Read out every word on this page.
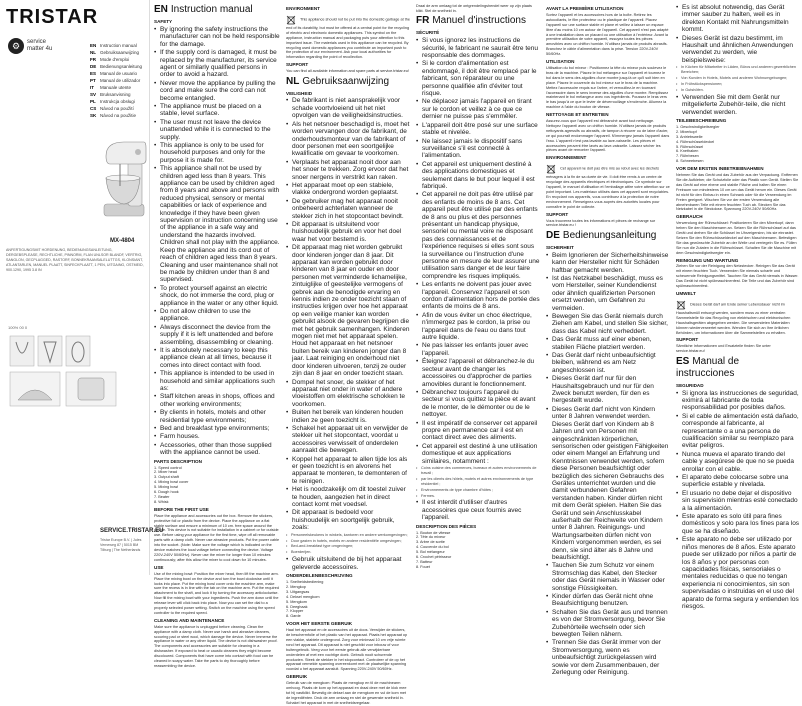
TRISTAR
⚙	service
matter 4u
EN Instruction manual
NL Gebruiksaanwijzing
FR Mode d'emploi
DE Bedienungsanleitung
ES Manual de usuario
PT Manual de utilizador
IT Manuale utente
SV Bruksanvisning
PL Instrukcja obsługi
CS Návod na použití
SK Návod na použitie
MX-4804
ANFERTIGUNGSMIT HORDENUNG, BEDIENUNGSANLEITUNG, DERGEBSPLEASE, RECHTLICHE, PINNORM, FLAN UNLSOR BLANDF, VERTRIG, SANGLON, GECPLAGGED, RASTORF, BONNEKRAANSALELUTTGS, KLONSIANT, ATLANTARLEN, MANUEL PLAATT, SINFECKPLAATT, 1 PEN, UITGAING, OSTMEID, 900.1290, 1995 3.8 IN
100% 00 0
SERVICE.TRISTAR.EU
Tristar Europe B.V. | Jules Verneweg 87 | 5015 BM Tilburg | The Netherlands
EN Instruction manual
SAFETY
• By ignoring the safety instructions the manufacturer can not be held responsible for the damage.
• If the supply cord is damaged, it must be replaced by the manufacturer, its service agent or similarly qualified persons in order to avoid a hazard.
• Never move the appliance by pulling the cord and make sure the cord can not become entangled.
• The appliance must be placed on a stable, level surface.
• The user must not leave the device unattended while it is connected to the supply.
• This appliance is only to be used for household purposes and only for the purpose it is made for.
• This appliance shall not be used by children aged less than 8 years. This appliance can be used by children aged from 8 years and above and persons with reduced physical, sensory or mental capabilities or lack of experience and knowledge if they have been given supervision or instruction concerning use of the appliance in a safe way and understand the hazards involved. Children shall not play with the appliance. Keep the appliance and its cord out of reach of children aged less than 8 years. Cleaning and user maintenance shall not be made by children under than 8 and supervised.
• To protect yourself against an electric shock, do not immerse the cord, plug or appliance in the water or any other liquid.
• Do not allow children to use the appliance.
• Always disconnect the device from the supply if it is left unattended and before assembling, disassembling or cleaning.
• It is absolutely necessary to keep this appliance clean at all times, because it comes into direct contact with food.
• This appliance is intended to be used in household and similar applications such as:
• Staff kitchen areas in shops, offices and other working environments;
• By clients in hotels, motels and other residential type environments;
• Bed and breakfast type environments;
• Farm houses.
• Accessories, other than those supplied with the appliance cannot be used.
PARTS DESCRIPTION
1. Speed control
2. Mixer head
3. Output shaft
4. Mixing bowl cover
5. Mixing bowl
6. Dough hook
7. Beater
8. Whisk
BEFORE THE FIRST USE

Place the appliance and accessories out the box. Remove the stickers, protective foil or plastic from the device. Place the appliance on a flat stable surface and ensure a minimum of 10 cm. free space around the device. This device is not suitable for installation in a cabinet or for outside use. Before using your appliance for the first time, wipe off all removable parts with a damp cloth. Never use abrasive products. Put the power cable into the socket. (Note: Make sure the voltage which is indicated on the device matches the local voltage before connecting the device. Voltage 220V-240V 50/60Hz). Never use the mixer for longer than 10 minutes continuously; after this allow the mixer to cool down for 10 minutes.

USE

Use of the mixing bowl: Position the mixer head, then lift the machine arm. Place the mixing bowl on the device and turn the bowl clockwise until it locks into place. Put the mixing bowl cover onto the machine arm, make sure the recess is in line with the tab on the machine arm. Put the required attachment to the shaft, and lock it by turning the accessory anticlockwise. Now fill the mixing bowl with your ingredients. Push the arm down until the release lever will click back into place. Now you can set the dial to a properly selected power setting. Switch on the machine using the speed controller to the required speed.

CLEANING AND MAINTENANCE

Make sure the appliance is unplugged before cleaning. Clean the appliance with a damp cloth. Never use harsh and abrasive cleaners, scouring pad or steel wool, which damage the device. Never immerse the appliance in water or any other liquid. The device is not dishwasher proof. The components and accessories are suitable for cleaning in a dishwasher. If exposed to heat or caustic cleaners they might become discoloured. Components that have come into contact with food can be cleaned in soapy water. Take the parts to dry thoroughly before reassembling the device.

ENVIRONMENT
This appliance should not be put into the domestic garbage at the end of its durability, but must be offered at a central point for the recycling of electric and electronic domestic appliances. This symbol on the appliance, instruction manual and packaging puts your attention to this important issue. The materials used in this appliance can be recycled. By recycling used domestic appliances you contribute an important push to the protection of our environment. Ask your local authorities for information regarding the point of recollection.
SUPPORT

You can find all available information and spare parts at service.tristar.eu!

NL Gebruiksaanwijzing
VEILIGHEID
• De fabrikant is niet aansprakelijk voor schade voortvloeiend uit het niet opvolgen van de veiligheidsinstructies.
• Als het netsnoer beschadigd is, moet het worden vervangen door de fabrikant, de onderhoudsmonteur van de fabrikant of door personen met een soortgelijke kwalificatie om gevaar te voorkomen.
• Verplaats het apparaat nooit door aan het snoer te trekken. Zorg ervoor dat het snoer nergens in verstrikt kan raken.
• Het apparaat moet op een stabiele, vlakke ondergrond worden geplaatst.
• De gebruiker mag het apparaat nooit onbeheerd achterlaten wanneer de stekker zich in het stopcontact bevindt.
• Dit apparaat is uitsluitend voor huishoudelijk gebruik en voor het doel waar het voor bestemd is.
• Dit apparaat mag niet worden gebruikt door kinderen jonger dan 8 jaar. Dit apparaat kan worden gebruikt door kinderen van 8 jaar en ouder en door personen met verminderde lichamelijke, zintuiglijke of geestelijke vermogens of gebrek aan de benodigde ervaring en kennis indien ze onder toezicht staan of instructies krijgen over hoe het apparaat op een veilige manier kan worden gebruikt alsook de gevaren begrijpen die met het gebruik samenhangen. Kinderen mogen niet met het apparaat spelen. Houd het apparaat en het netsnoer buiten bereik van kinderen jonger dan 8 jaar. Laat reiniging en onderhoud niet door kinderen uitvoeren, tenzij ze ouder zijn dan 8 jaar en onder toezicht staan.
• Dompel het snoer, de stekker of het apparaat niet onder in water of andere vloeistoffen om elektrische schokken te voorkomen.
• Buiten het bereik van kinderen houden indien ze geen toezicht is.
• Schakel het apparaat uit en verwijder de stekker uit het stopcontact, voordat u accessoires verwisselt of onderdelen aanraakt die bewegen.
• Koppel het apparaat te allen tijde los als er geen toezicht is en alvorens het apparaat te monteren, te demonteren of te reinigen.
• Het is noodzakelijk om dit toestel zuiver te houden, aangezien het in direct contact komt met voedsel.
• Dit apparaat is bedoeld voor huishoudelijk en soortgelijk gebruik, zoals:
• Personeelskeukens in winkels, kantoren en andere werkomgevingen;
• Door gasten in hotels, motels en andere residentiële omgevingen;
• Bed-and-breakfast type omgevingen;
• Boerderijen.
• Gebruik uitsluitend de bij het apparaat geleverde accessoires.
ONDERDELENBESCHRIJVING
1. Snelheidsbediening
2. Mengkop
3. Uitgangsas
4. Deksel mengkom
5. Mengkom
6. Deeghaak
7. Klopper
8. Garde
VOOR HET EERSTE GEBRUIK

Haal het apparaat en de accessoires uit de doos. Verwijder de stickers, de beschermfolie of het plastic van het apparaat. Plaats het apparaat op een vlakke, stabiele ondergrond. Zorg voor minimaal 10 cm vrije ruimte rond het apparaat. Dit apparaat is niet geschikt voor inbouw of voor buitengebruik. Veeg voor het eerste gebruik alle verwijderbare onderdelen af met een vochtige doek. Gebruik nooit schurende producten. Steek de stekker in het stopcontact. Controleer of de op het apparaat vermelde spanning overeenkomt met de plaatselijke spanning voordat u het apparaat aansluit. Spanning 220V-240V 50/60Hz.

GEBRUIK

Gebruik van de mengkom: Plaats de mengkop en til de machinearm omhoog. Plaats de kom op het apparaat en draai deze met de klok mee tot hij vastklikt. Bevestig de deksel aan de mengkom en vul de kom met de ingrediënten. Druk de arm omlaag en stel de gewenste snelheid in. Schakel het apparaat in met de snelheidsregelaar.

Draai de arm omlaag tot de ontgrendelingshendel weer op zijn plaats klikt. Stel de snelheid in.

FR Manuel d'instructions
SÉCURITÉ
• Si vous ignorez les instructions de sécurité, le fabricant ne saurait être tenu responsable des dommages.
• Si le cordon d'alimentation est endommagé, il doit être remplacé par le fabricant, son réparateur ou une personne qualifiée afin d'éviter tout risque.
• Ne déplacez jamais l'appareil en tirant sur le cordon et veillez à ce que ce dernier ne puisse pas s'emmêler.
• L'appareil doit être posé sur une surface stable et nivelée.
• Ne laissez jamais le dispositif sans surveillance s'il est connecté à l'alimentation.
• Cet appareil est uniquement destiné à des applications domestiques et seulement dans le but pour lequel il est fabriqué.
• Cet appareil ne doit pas être utilisé par des enfants de moins de 8 ans. Cet appareil peut être utilisé par des enfants de 8 ans ou plus et des personnes présentant un handicap physique, sensoriel ou mental voire ne disposant pas des connaissances et de l'expérience requises si elles sont sous la surveillance ou l'instruction d'une personne en mesure de leur assurer une utilisation sans danger et de leur faire comprendre les risques impliqués.
• Les enfants ne doivent pas jouer avec l'appareil. Conservez l'appareil et son cordon d'alimentation hors de portée des enfants de moins de 8 ans.
• Afin de vous éviter un choc électrique, n'immergez pas le cordon, la prise ou l'appareil dans de l'eau ou dans tout autre liquide.
• Ne pas laisser les enfants jouer avec l'appareil.
• Éteignez l'appareil et débranchez-le du secteur avant de changer les accessoires ou d'approcher de parties amovibles durant le fonctionnement.
• Débranchez toujours l'appareil du secteur si vous quittez la pièce et avant de le monter, de le démonter ou de le nettoyer.
• Il est impératif de conserver cet appareil propre en permanence car il est en contact direct avec des aliments.
• Cet appareil est destiné à une utilisation domestique et aux applications similaires, notamment :
• Coins cuisine des commerces, bureaux et autres environnements de travail ;
• par les clients des hôtels, motels et autres environnements de type résidentiel ;
• Environnements de type chambre d'hôtes ;
• Fermes.
• Il est interdit d'utiliser d'autres accessoires que ceux fournis avec l'appareil.
DESCRIPTION DES PIÈCES
1. Bouton de vitesse
2. Tête du mixeur
3. Arbre de sortie
4. Couvercle du bol
5. Bol mélangeur
6. Crochet pétrisseur
7. Batteur
8. Fouet
AVANT LA PREMIÈRE UTILISATION

Sortez l'appareil et les accessoires hors de la boîte. Retirez les autocollants, le film protecteur ou le plastique de l'appareil. Placez l'appareil sur une surface stable et plane et veillez à laisser un espace libre d'au moins 10 cm autour de l'appareil. Cet appareil n'est pas adapté à une installation dans un placard ou une utilisation à l'extérieur. Avant la première utilisation de votre appareil, essuyez toutes les pièces amovibles avec un chiffon humide. N'utilisez jamais de produits abrasifs. Branchez le câble d'alimentation dans la prise. Tension 220V-240V 50/60Hz.

UTILISATION

Utilisation du bol mixeur : Positionnez la tête du mixeur puis soulevez le bras de la machine. Placez le bol mélangeur sur l'appareil et tournez le bol dans le sens des aiguilles d'une montre jusqu'à ce qu'il soit bien en place. Placez le couvercle du bol mixeur sur le bras de la machine. Mettez l'accessoire requis sur l'arbre, et verrouillez-le en tournant l'accessoire dans le sens inverse des aiguilles d'une montre. Remplissez maintenant le bol mélangeur avec vos ingrédients. Poussez le bras vers le bas jusqu'à ce que le levier de déverrouillage s'enclenche. Allumez la machine à l'aide du bouton de vitesse.

NETTOYAGE ET ENTRETIEN

Assurez-vous que l'appareil est débranché avant tout nettoyage. Nettoyez l'appareil avec un chiffon humide. N'utilisez jamais de produits nettoyants agressifs ou abrasifs, de tampon à récurer ou de laine d'acier, ce qui pourrait endommager l'appareil. N'immergez jamais l'appareil dans l'eau. L'appareil n'est pas lavable au lave-vaisselle. Les pièces et accessoires peuvent être lavés au lave-vaisselle. Laissez sécher les pièces avant de remonter l'appareil.

ENVIRONNEMENT
Cet appareil ne doit pas être mis au rebut avec les déchets ménagers à la fin de sa durée de vie. Il doit être remis à un centre de recyclage des appareils électriques et électroniques. Ce symbole sur l'appareil, le manuel d'utilisation et l'emballage attire votre attention sur ce point important. Les matériaux utilisés dans cet appareil sont recyclables. En recyclant vos appareils, vous contribuez à la protection de notre environnement. Renseignez-vous auprès des autorités locales pour connaître le point de collecte.
SUPPORT

Vous trouverez toutes les informations et pièces de rechange sur service.tristar.eu !

DE Bedienungsanleitung
SICHERHEIT
• Beim Ignorieren der Sicherheitshinweise kann der Hersteller nicht für Schäden haftbar gemacht werden.
• Ist das Netzkabel beschädigt, muss es vom Hersteller, seiner Kundendienst oder ähnlich qualifizierten Personen ersetzt werden, um Gefahren zu vermeiden.
• Bewegen Sie das Gerät niemals durch Ziehen am Kabel, und stellen Sie sicher, dass das Kabel nicht verheddert.
• Das Gerät muss auf einer ebenen, stabilen Fläche platziert werden.
• Das Gerät darf nicht unbeaufsichtigt bleiben, während es am Netz angeschlossen ist.
• Dieses Gerät darf nur für den Haushaltsgebrauch und nur für den Zweck benutzt werden, für den es hergestellt wurde.
• Dieses Gerät darf nicht von Kindern unter 8 Jahren verwendet werden. Dieses Gerät darf von Kindern ab 8 Jahren und von Personen mit eingeschränkten körperlichen, sensorischen oder geistigen Fähigkeiten oder einem Mangel an Erfahrung und Kenntnissen verwendet werden, sofern diese Personen beaufsichtigt oder bezüglich des sicheren Gebrauchs des Gerätes unterrichtet wurden und die damit verbundenen Gefahren verstanden haben. Kinder dürfen nicht mit dem Gerät spielen. Halten Sie das Gerät und sein Anschlusskabel außerhalb der Reichweite von Kindern unter 8 Jahren. Reinigungs- und Wartungsarbeiten dürfen nicht von Kindern vorgenommen werden, es sei denn, sie sind älter als 8 Jahre und beaufsichtigt.
• Tauchen Sie zum Schutz vor einem Stromschlag das Kabel, den Stecker oder das Gerät niemals in Wasser oder sonstige Flüssigkeiten.
• Kinder dürfen das Gerät nicht ohne Beaufsichtigung benutzen.
• Schalten Sie das Gerät aus und trennen es von der Stromversorgung, bevor Sie Zubehörteile wechseln oder sich bewegten Teilen nähern.
• Trennen Sie das Gerät immer von der Stromversorgung, wenn es unbeaufsichtigt zurückgelassen wird sowie vor dem Zusammenbauen, der Zerlegung oder Reinigung.
• Es ist absolut notwendig, das Gerät immer sauber zu halten, weil es in direkten Kontakt mit Nahrungsmitteln kommt.
• Dieses Gerät ist dazu bestimmt, im Haushalt und ähnlichen Anwendungen verwendet zu werden, wie beispielsweise:
• In Küchen für Mitarbeiter in Läden, Büros und anderen gewerblichen Bereichen;
• Von Kunden in Hotels, Motels und anderen Wohnumgebungen;
• In Frühstückspensionen;
• In Gutshöfen.
• Verwenden Sie mit dem Gerät nur mitgelieferte Zubehör-teile, die nicht verwendet werden.
TEILEBESCHREIBUNG
1. Geschwindigkeitsregler
2. Mixerkopf
3. Antriebswelle
4. Rührschüsseldeckel
5. Rührschüssel
6. Knethaken
7. Rührbesen
8. Schneebesen
VOR DEM ERSTEN INBETRIEBNAHMEN

Nehmen Sie das Gerät und das Zubehör aus der Verpackung. Entfernen Sie die Aufkleber, die Schutzfolie oder das Plastik vom Gerät. Stellen Sie das Gerät auf eine ebene und stabile Fläche und halten Sie einen Freiraum von mindestens 10 cm um das Gerät herum ein. Dieses Gerät ist nicht für den Einbau in einen Schrank oder für die Verwendung im Freien geeignet. Wischen Sie vor der ersten Verwendung alle abnehmbaren Teile mit einem feuchten Tuch ab. Stecken Sie das Netzkabel in die Steckdose. Spannung 220V-240V 50/60Hz.

GEBRAUCH

Verwendung der Rührschüssel: Positionieren Sie den Mixerkopf, dann heben Sie den Maschinenarm an. Setzen Sie die Rührschüssel auf das Gerät und drehen Sie die Schüssel im Uhrzeigersinn, bis sie einrastet. Setzen Sie den Rührschüsseldeckel auf den Maschinenarm. Befestigen Sie das gewünschte Zubehör an der Welle und verriegeln Sie es. Füllen Sie nun die Zutaten in die Rührschüssel. Schalten Sie die Maschine mit dem Geschwindigkeitsregler ein.

REINIGUNG UND WARTUNG

Ziehen Sie vor der Reinigung den Netzstecker. Reinigen Sie das Gerät mit einem feuchten Tuch. Verwenden Sie niemals scharfe und scheuernde Reinigungsmittel. Tauchen Sie das Gerät niemals in Wasser. Das Gerät ist nicht spülmaschinenfest. Die Teile und das Zubehör sind spülmaschinenfest.

UMWELT
Dieses Gerät darf am Ende seiner Lebensdauer nicht im Haushaltsmüll entsorgt werden, sondern muss zu einer zentralen Sammelstelle für das Recycling von elektrischen und elektronischen Haushaltsgeräten abgegeben werden. Die verwendeten Materialien können wiederverwertet werden. Wenden Sie sich an Ihre örtlichen Behörden, um Informationen über die Sammelstellen zu erhalten.
SUPPORT

Sämtliche Informationen und Ersatzteile finden Sie unter service.tristar.eu!

ES Manual de instrucciones
SEGURIDAD
• Si ignora las instrucciones de seguridad, eximirá al fabricante de toda responsabilidad por posibles daños.
• Si el cable de alimentación está dañado, corresponde al fabricante, al representante o a una persona de cualificación similar su reemplazo para evitar peligros.
• Nunca mueva el aparato tirando del cable y asegúrese de que no se pueda enrollar con el cable.
• El aparato debe colocarse sobre una superficie estable y nivelada.
• El usuario no debe dejar el dispositivo sin supervisión mientras esté conectado a la alimentación.
• Este aparato es solo útil para fines domésticos y solo para los fines para los que se ha diseñado.
• Este aparato no debe ser utilizado por niños menores de 8 años. Este aparato puede ser utilizado por niños a partir de los 8 años y por personas con capacidades físicas, sensoriales o mentales reducidas o que no tengan experiencia ni conocimientos, sin son supervisadas o instruidas en el uso del aparato de forma segura y entienden los riesgos.
